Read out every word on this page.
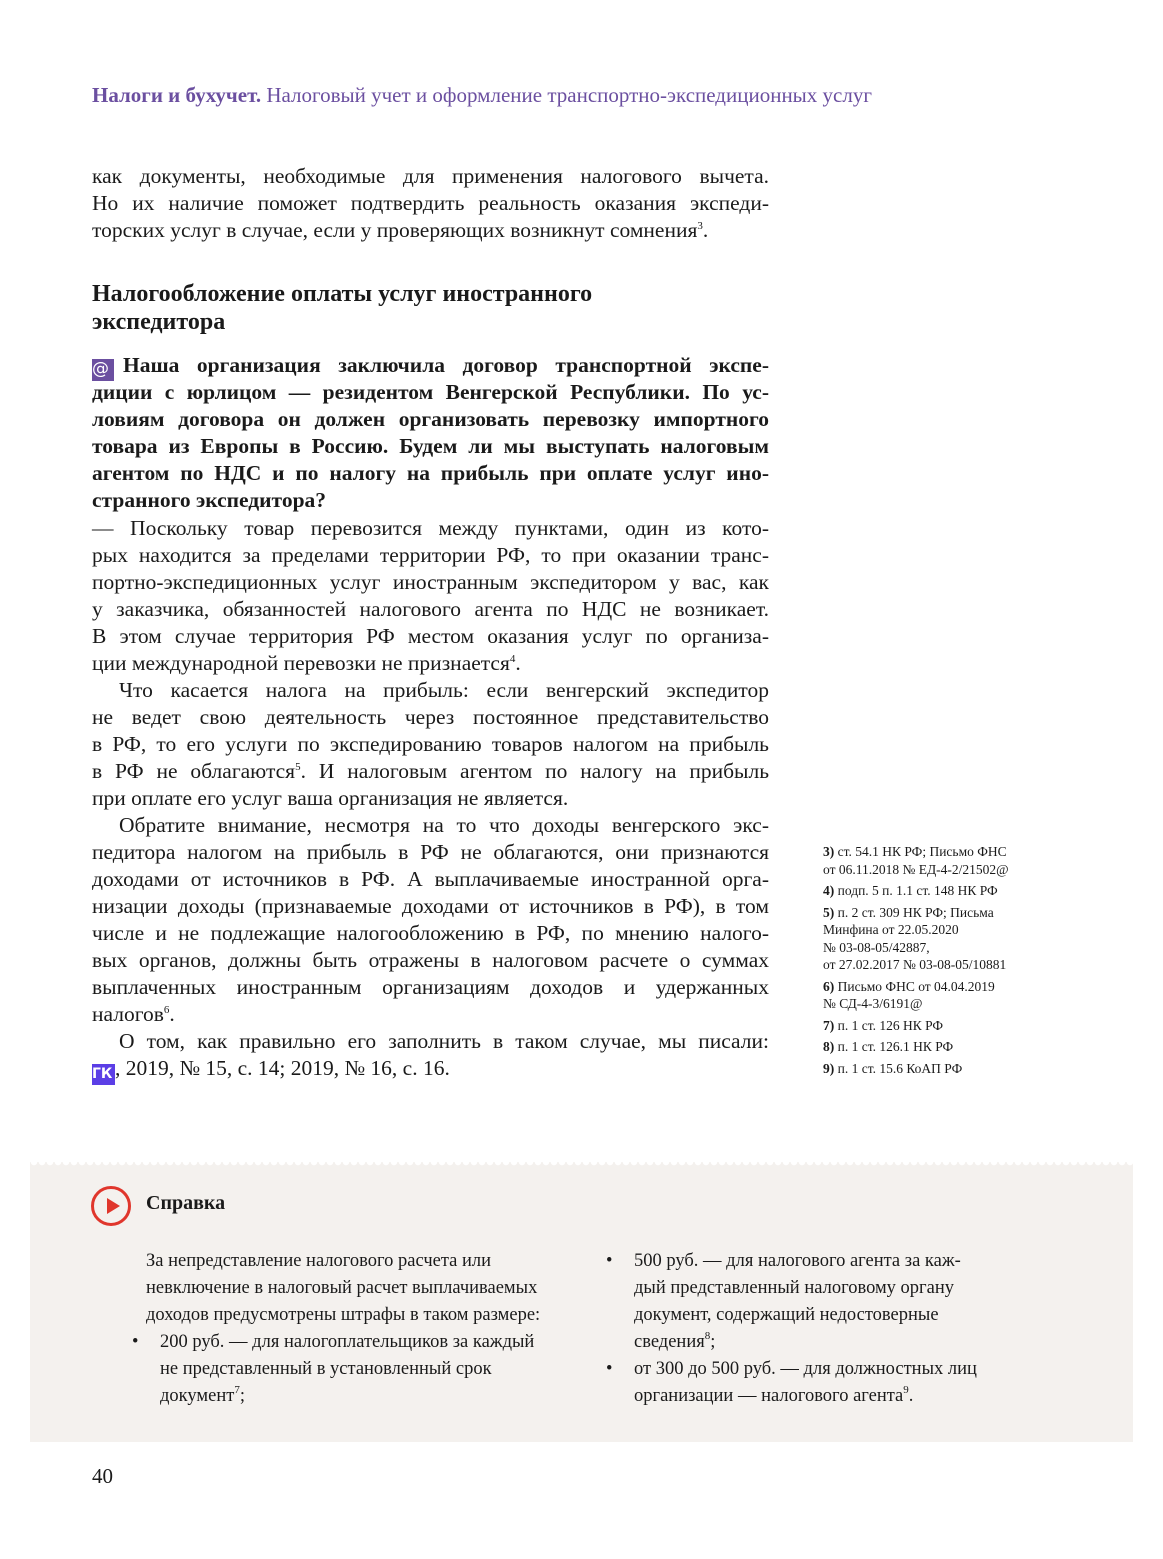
Налоги и бухучет. Налоговый учет и оформление транспортно-экспедиционных услуг
как документы, необходимые для применения налогового вычета.
Но их наличие поможет подтвердить реальность оказания экспеди-
торских услуг в случае, если у проверяющих возникнут сомнения$^3$.
Налогообложение оплаты услуг иностранного
экспедитора
@ Наша организация заключила договор транспортной экспе-
диции с юрлицом — резидентом Венгерской Республики. По ус-
ловиям договора он должен организовать перевозку импортного
товара из Европы в Россию. Будем ли мы выступать налоговым
агентом по НДС и по налогу на прибыль при оплате услуг ино-
странного экспедитора?
— Поскольку товар перевозится между пунктами, один из кото-
рых находится за пределами территории РФ, то при оказании транс-
портно-экспедиционных услуг иностранным экспедитором у вас, как
у заказчика, обязанностей налогового агента по НДС не возникает.
В этом случае территория РФ местом оказания услуг по организа-
ции международной перевозки не признается$^4$.
Что касается налога на прибыль: если венгерский экспедитор
не ведет свою деятельность через постоянное представительство
в РФ, то его услуги по экспедированию товаров налогом на прибыль
в РФ не облагаются$^5$. И налоговым агентом по налогу на прибыль
при оплате его услуг ваша организация не является.
Обратите внимание, несмотря на то что доходы венгерского экс-
педитора налогом на прибыль в РФ не облагаются, они признаются
доходами от источников в РФ. А выплачиваемые иностранной орга-
низации доходы (признаваемые доходами от источников в РФ), в том
числе и не подлежащие налогообложению в РФ, по мнению налого-
вых органов, должны быть отражены в налоговом расчете о суммах
выплаченных иностранным организациям доходов и удержанных
налогов$^6$.
О том, как правильно его заполнить в таком случае, мы писали:
ГК , 2019, № 15, с. 14; 2019, № 16, с. 16.
3) ст. 54.1 НК РФ; Письмо ФНС
от 06.11.2018 № ЕД-4-2/21502@
4) подп. 5 п. 1.1 ст. 148 НК РФ
5) п. 2 ст. 309 НК РФ; Письма
Минфина от 22.05.2020
№ 03-08-05/42887,
от 27.02.2017 № 03-08-05/10881
6) Письмо ФНС от 04.04.2019
№ СД-4-3/6191@
7) п. 1 ст. 126 НК РФ
8) п. 1 ст. 126.1 НК РФ
9) п. 1 ст. 15.6 КоАП РФ
Справка
За непредставление налогового расчета или
невключение в налоговый расчет выплачиваемых
доходов предусмотрены штрафы в таком размере:
• 200 руб. — для налогоплательщиков за каждый
не представленный в установленный срок
документ$^7$;
• 500 руб. — для налогового агента за каж-
дый представленный налоговому органу
документ, содержащий недостоверные
сведения$^8$;
• от 300 до 500 руб. — для должностных лиц
организации — налогового агента$^9$.
40
